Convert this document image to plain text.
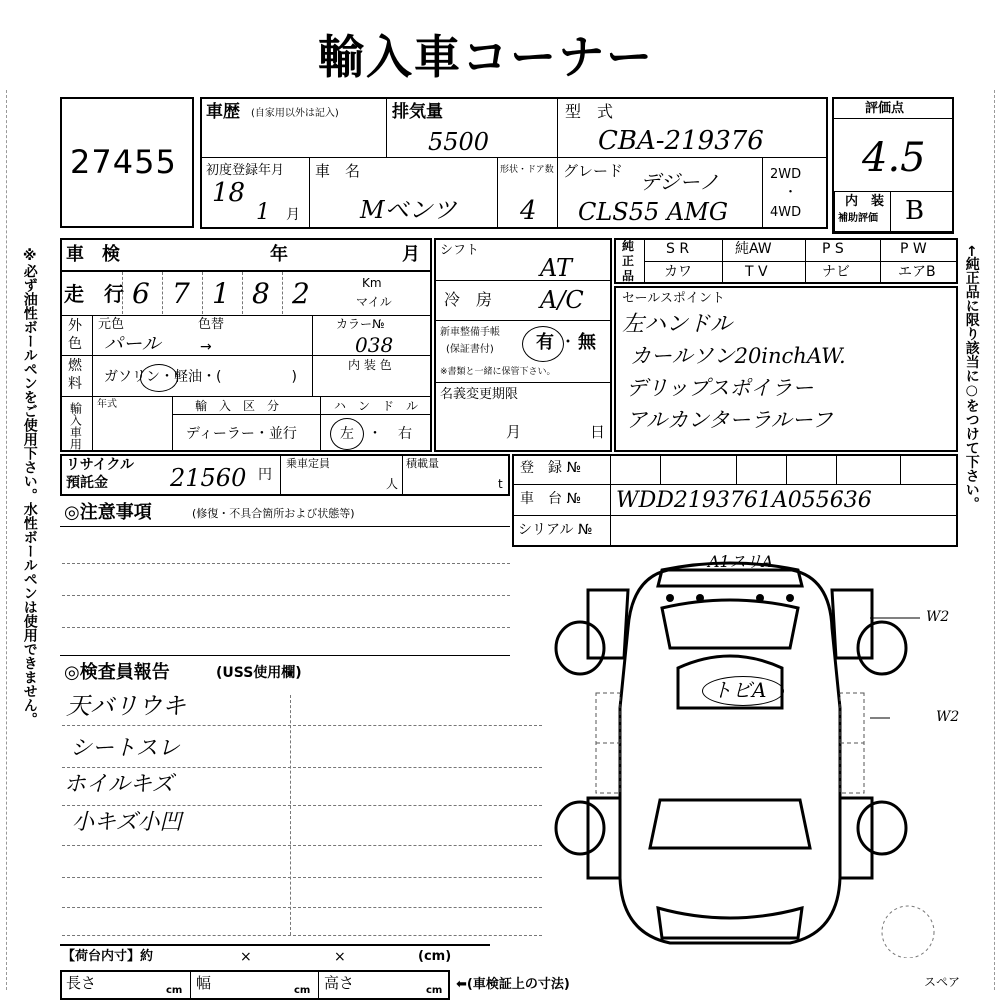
輸入車コーナー
※必ず油性ボールペンをご使用下さい。水性ボールペンは使用できません。	←純正品に限り該当に○をつけて下さい。
27455
車歴 (自家用以外は記入)	排気量
5500
型　式
CBA-219376
初度登録年月
18
1 月
車　名
Mベンツ
形状・ドア数
4
グレード デジーノ
CLS55 AMG
2WD
・
4WD
評価点
4.5
内　装
補助評価 B
車　検	年	月
走　行 6 7 1 8 2	Km
マイル
外
色
元色	色替
パール	→
カラー№
038
燃
料 ガソリン・軽油・(　　　　　)
内 装 色
輸入車用 年式	輸　入　区　分	ハ　ン　ド　ル
ディーラー・並行	左 ・ 右
シフト
AT
冷　房 A/C
新車整備手帳
(保証書付) 有 ・ 無
※書類と一緒に保管下さい。
名義変更期限
月	日
純
正
品
S R	純AW	P S	P W
カワ	T V	ナビ	エアB
セールスポイント
左ハンドル
カールソン20inchAW.
デリップスポイラー
アルカンターラルーフ
リサイクル
預託金	21560 円
乗車定員
人
積載量
t
登　録 №
車　台 № WDD2193761A055636
シリアル №
◎注意事項	(修復・不具合箇所および状態等)
◎検査員報告	(USS使用欄)
天バリウキ
シートスレ
ホイルキズ
小キズ小凹
A1スリA
トビA
W2
W2
スペア
【荷台内寸】約	×	×	(cm)
長さ	cm 幅	cm 高さ	cm ⬅(車検証上の寸法)
